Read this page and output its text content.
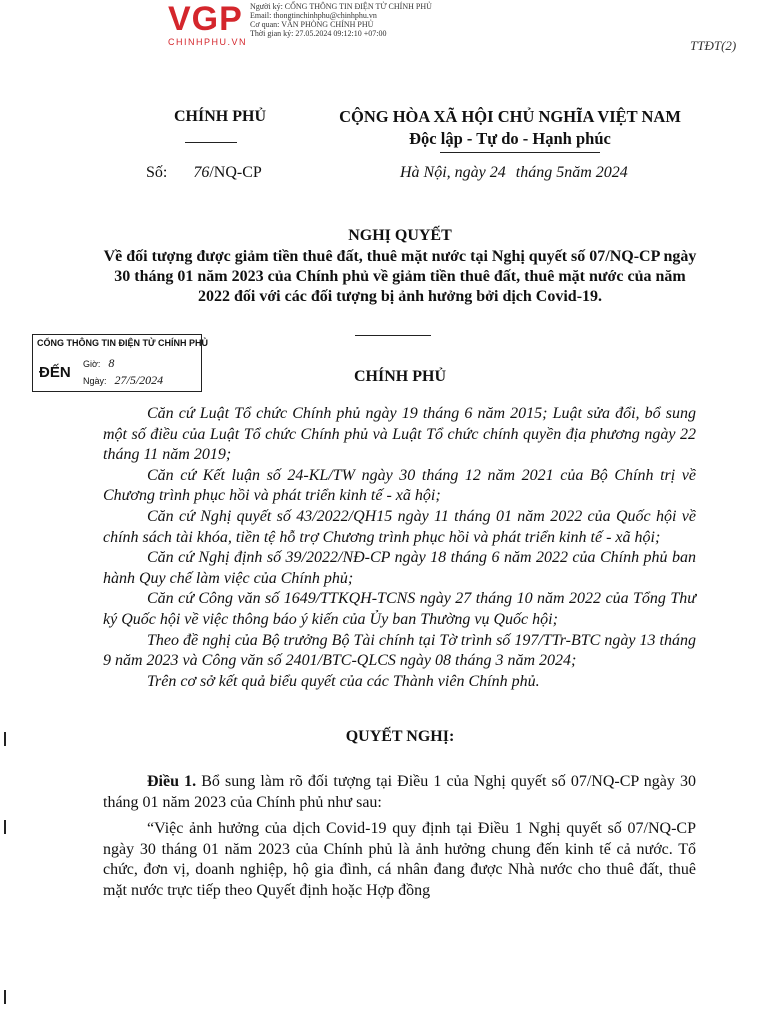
VGP
CHINHPHU.VN
Người ký: CỔNG THÔNG TIN ĐIỆN TỬ CHÍNH PHỦ
Email: thongtinchinhphu@chinhphu.vn
Cơ quan: VĂN PHÒNG CHÍNH PHỦ
Thời gian ký: 27.05.2024 09:12:10 +07:00
TTĐT(2)
CHÍNH PHỦ	CỘNG HÒA XÃ HỘI CHỦ NGHĨA VIỆT NAM
Độc lập - Tự do - Hạnh phúc
Số: 76/NQ-CP	Hà Nội, ngày 24 tháng 5năm 2024
NGHỊ QUYẾT
Về đối tượng được giảm tiền thuê đất, thuê mặt nước tại Nghị quyết số 07/NQ-CP ngày 30 tháng 01 năm 2023 của Chính phủ về giảm tiền thuê đất, thuê mặt nước của năm 2022 đối với các đối tượng bị ảnh hưởng bởi dịch Covid-19.
CỔNG THÔNG TIN ĐIỆN TỬ CHÍNH PHỦ
ĐẾN Giờ: 8
Ngày: 27/5/2024	CHÍNH PHỦ

Căn cứ Luật Tổ chức Chính phủ ngày 19 tháng 6 năm 2015; Luật sửa đổi, bổ sung một số điều của Luật Tổ chức Chính phủ và Luật Tổ chức chính quyền địa phương ngày 22 tháng 11 năm 2019;

Căn cứ Kết luận số 24-KL/TW ngày 30 tháng 12 năm 2021 của Bộ Chính trị về Chương trình phục hồi và phát triển kinh tế - xã hội;

Căn cứ Nghị quyết số 43/2022/QH15 ngày 11 tháng 01 năm 2022 của Quốc hội về chính sách tài khóa, tiền tệ hỗ trợ Chương trình phục hồi và phát triển kinh tế - xã hội;

Căn cứ Nghị định số 39/2022/NĐ-CP ngày 18 tháng 6 năm 2022 của Chính phủ ban hành Quy chế làm việc của Chính phủ;

Căn cứ Công văn số 1649/TTKQH-TCNS ngày 27 tháng 10 năm 2022 của Tổng Thư ký Quốc hội về việc thông báo ý kiến của Ủy ban Thường vụ Quốc hội;

Theo đề nghị của Bộ trưởng Bộ Tài chính tại Tờ trình số 197/TTr-BTC ngày 13 tháng 9 năm 2023 và Công văn số 2401/BTC-QLCS ngày 08 tháng 3 năm 2024;

Trên cơ sở kết quả biểu quyết của các Thành viên Chính phủ.

QUYẾT NGHỊ:

Điều 1. Bổ sung làm rõ đối tượng tại Điều 1 của Nghị quyết số 07/NQ-CP ngày 30 tháng 01 năm 2023 của Chính phủ như sau:

“Việc ảnh hưởng của dịch Covid-19 quy định tại Điều 1 Nghị quyết số 07/NQ-CP ngày 30 tháng 01 năm 2023 của Chính phủ là ảnh hưởng chung đến kinh tế cả nước. Tổ chức, đơn vị, doanh nghiệp, hộ gia đình, cá nhân đang được Nhà nước cho thuê đất, thuê mặt nước trực tiếp theo Quyết định hoặc Hợp đồng
